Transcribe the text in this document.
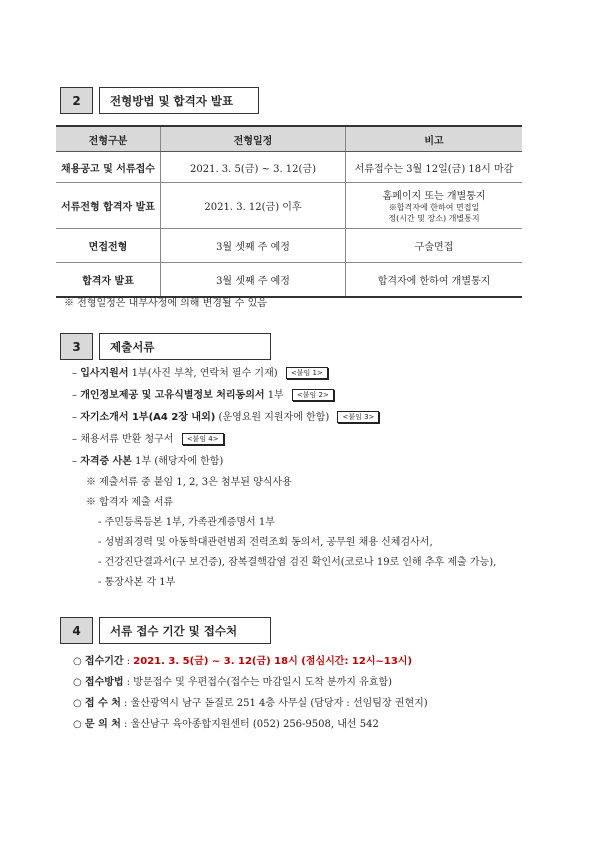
2	전형방법 및 합격자 발표
전형구분	전형일정	비고
채용공고 및 서류접수	2021. 3. 5(금) ~ 3. 12(금)	서류접수는 3월 12일(금) 18시 마감
서류전형 합격자 발표	2021. 3. 12(금) 이후	홈페이지 또는 개별통지
※합격자에 한하여 면접일정(시간 및 장소) 개별통지

면접전형	3월 셋째 주 예정	구술면접
합격자 발표	3월 셋째 주 예정	합격자에 한하여 개별통지
※ 전형일정은 내부사정에 의해 변경될 수 있음
3	제출서류
– 입사지원서 1부(사진 부착, 연락처 필수 기재) <붙임 1>
– 개인정보제공 및 고유식별정보 처리동의서 1부 <붙임 2>
– 자기소개서 1부(A4 2장 내외) (운영요원 지원자에 한함) <붙임 3>
– 채용서류 반환 청구서 <붙임 4>
– 자격증 사본 1부 (해당자에 한함)
※ 제출서류 중 붙임 1, 2, 3은 첨부된 양식사용
※ 합격자 제출 서류
- 주민등록등본 1부, 가족관계증명서 1부
- 성범죄경력 및 아동학대관련범죄 전력조회 동의서, 공무원 채용 신체검사서,
- 건강진단결과서(구 보건증), 잠복결핵감염 검진 확인서(코로나 19로 인해 추후 제출 가능),
- 통장사본 각 1부
4	서류 접수 기간 및 접수처
○ 접수기간 : 2021. 3. 5(금) ~ 3. 12(금) 18시 (점심시간: 12시~13시)
○ 접수방법 : 방문접수 및 우편접수(접수는 마감일시 도착 분까지 유효함)
○ 접 수 처 : 울산광역시 남구 돋질로 251 4층 사무실 (담당자 : 선임팀장 권현지)
○ 문 의 처 : 울산남구 육아종합지원센터 (052) 256-9508, 내선 542
